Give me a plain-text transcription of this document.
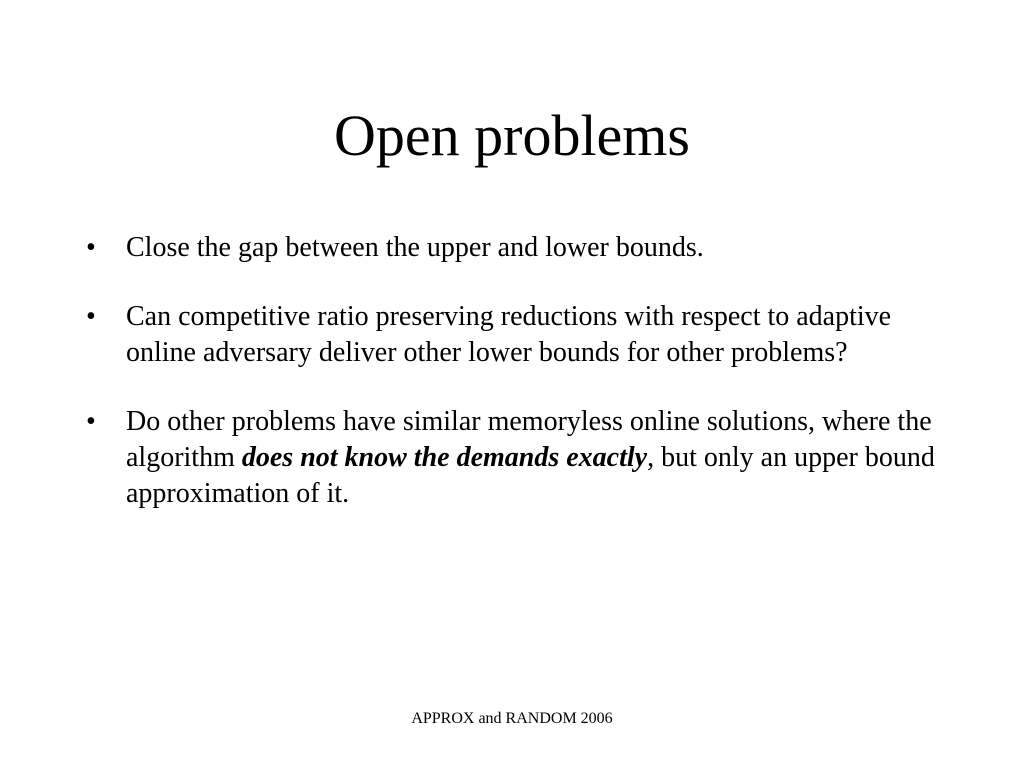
Open problems
•	Close the gap between the upper and lower bounds.
•	Can competitive ratio preserving reductions with respect to adaptive online adversary deliver other lower bounds for other problems?
•	Do other problems have similar memoryless online solutions, where the algorithm does not know the demands exactly, but only an upper bound approximation of it.
APPROX and RANDOM 2006
